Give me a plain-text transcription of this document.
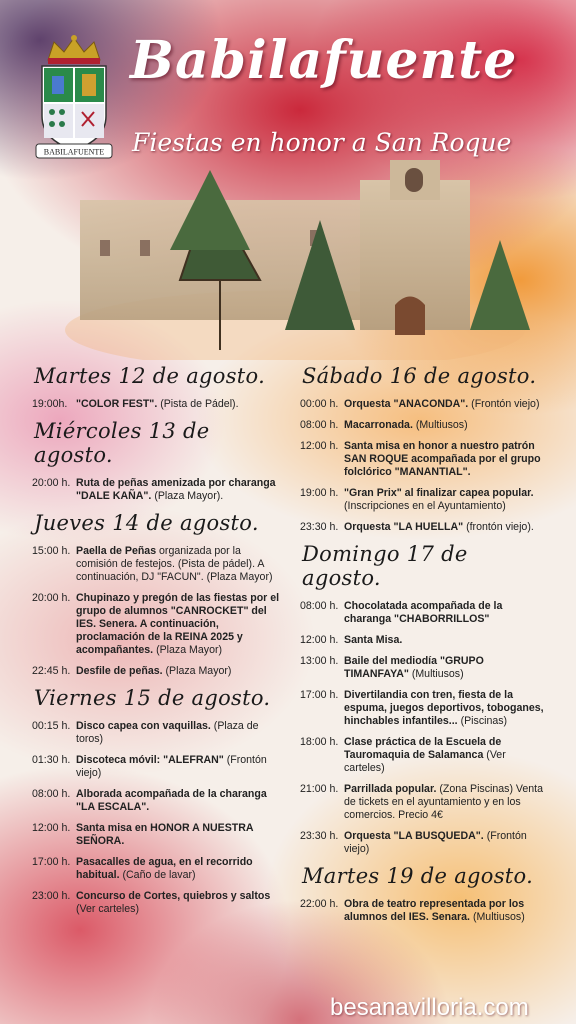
BABILAFUENTE
Babilafuente
Fiestas en honor a San Roque
Martes 12 de agosto.
19:00h. "COLOR FEST". (Pista de Pádel).
Miércoles 13 de agosto.
20:00 h. Ruta de peñas amenizada por charanga "DALE KAÑA". (Plaza Mayor).
Jueves 14 de agosto.
15:00 h. Paella de Peñas organizada por la comisión de festejos. (Pista de pádel). A continuación, DJ "FACUN". (Plaza Mayor)
20:00 h. Chupinazo y pregón de las fiestas por el grupo de alumnos "CANROCKET" del IES. Senera. A continuación, proclamación de la REINA 2025 y acompañantes. (Plaza Mayor)
22:45 h. Desfile de peñas. (Plaza Mayor)
Viernes 15 de agosto.
00:15 h. Disco capea con vaquillas. (Plaza de toros)
01:30 h. Discoteca móvil: "ALEFRAN" (Frontón viejo)
08:00 h. Alborada acompañada de la charanga "LA ESCALA".
12:00 h. Santa misa en HONOR A NUESTRA SEÑORA.
17:00 h. Pasacalles de agua, en el recorrido habitual. (Caño de lavar)
23:00 h. Concurso de Cortes, quiebros y saltos (Ver carteles)
Sábado 16 de agosto.
00:00 h. Orquesta "ANACONDA". (Frontón viejo)
08:00 h. Macarronada. (Multiusos)
12:00 h. Santa misa en honor a nuestro patrón SAN ROQUE acompañada por el grupo folclórico "MANANTIAL".
19:00 h. "Gran Prix" al finalizar capea popular. (Inscripciones en el Ayuntamiento)
23:30 h. Orquesta "LA HUELLA" (frontón viejo).
Domingo 17 de agosto.
08:00 h. Chocolatada acompañada de la charanga "CHABORRILLOS"
12:00 h. Santa Misa.
13:00 h. Baile del mediodía "GRUPO TIMANFAYA" (Multiusos)
17:00 h. Divertilandia con tren, fiesta de la espuma, juegos deportivos, toboganes, hinchables infantiles... (Piscinas)
18:00 h. Clase práctica de la Escuela de Tauromaquia de Salamanca (Ver carteles)
21:00 h. Parrillada popular. (Zona Piscinas) Venta de tickets en el ayuntamiento y en los comercios. Precio 4€
23:30 h. Orquesta "LA BUSQUEDA". (Frontón viejo)
Martes 19 de agosto.
22:00 h. Obra de teatro representada por los alumnos del IES. Senara. (Multiusos)
besanavilloria.com
